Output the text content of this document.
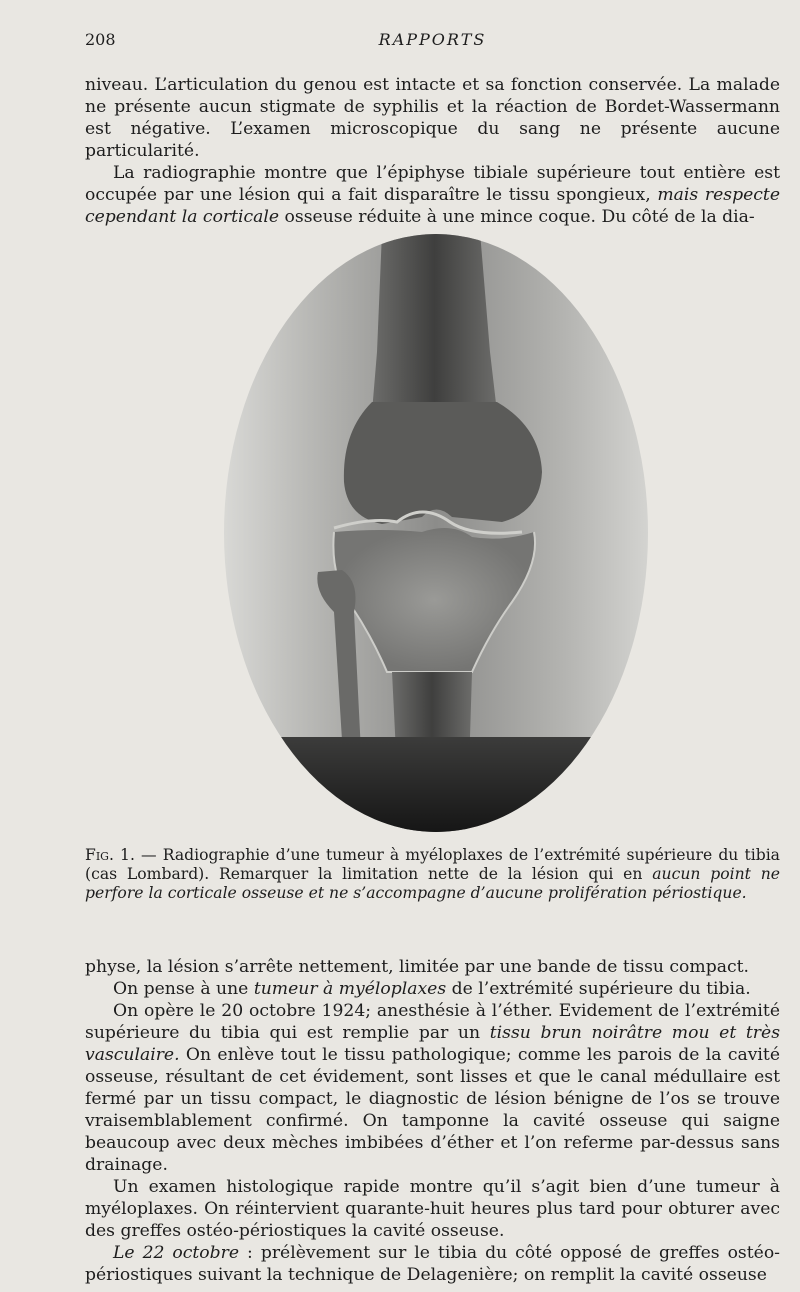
208	RAPPORTS

niveau. L’articulation du genou est intacte et sa fonction conservée. La malade ne présente aucun stigmate de syphilis et la réaction de Bordet-Wassermann est négative. L’examen microscopique du sang ne présente aucune particularité.

La radiographie montre que l’épiphyse tibiale supérieure tout entière est occupée par une lésion qui a fait disparaître le tissu spongieux, mais respecte cependant la corticale osseuse réduite à une mince coque. Du côté de la dia-

Fig. 1. — Radiographie d’une tumeur à myéloplaxes de l’extrémité supérieure du tibia (cas Lombard). Remarquer la limitation nette de la lésion qui en aucun point ne perfore la corticale osseuse et ne s’accompagne d’aucune prolifération périostique.

physe, la lésion s’arrête nettement, limitée par une bande de tissu compact.

On pense à une tumeur à myéloplaxes de l’extrémité supérieure du tibia.

On opère le 20 octobre 1924; anesthésie à l’éther. Evidement de l’extrémité supérieure du tibia qui est remplie par un tissu brun noirâtre mou et très vasculaire. On enlève tout le tissu pathologique; comme les parois de la cavité osseuse, résultant de cet évidement, sont lisses et que le canal médullaire est fermé par un tissu compact, le diagnostic de lésion bénigne de l’os se trouve vraisemblablement confirmé. On tamponne la cavité osseuse qui saigne beaucoup avec deux mèches imbibées d’éther et l’on referme par-dessus sans drainage.

Un examen histologique rapide montre qu’il s’agit bien d’une tumeur à myéloplaxes. On réintervient quarante-huit heures plus tard pour obturer avec des greffes ostéo-périostiques la cavité osseuse.

Le 22 octobre : prélèvement sur le tibia du côté opposé de greffes ostéo-périostiques suivant la technique de Delagenière; on remplit la cavité osseuse
